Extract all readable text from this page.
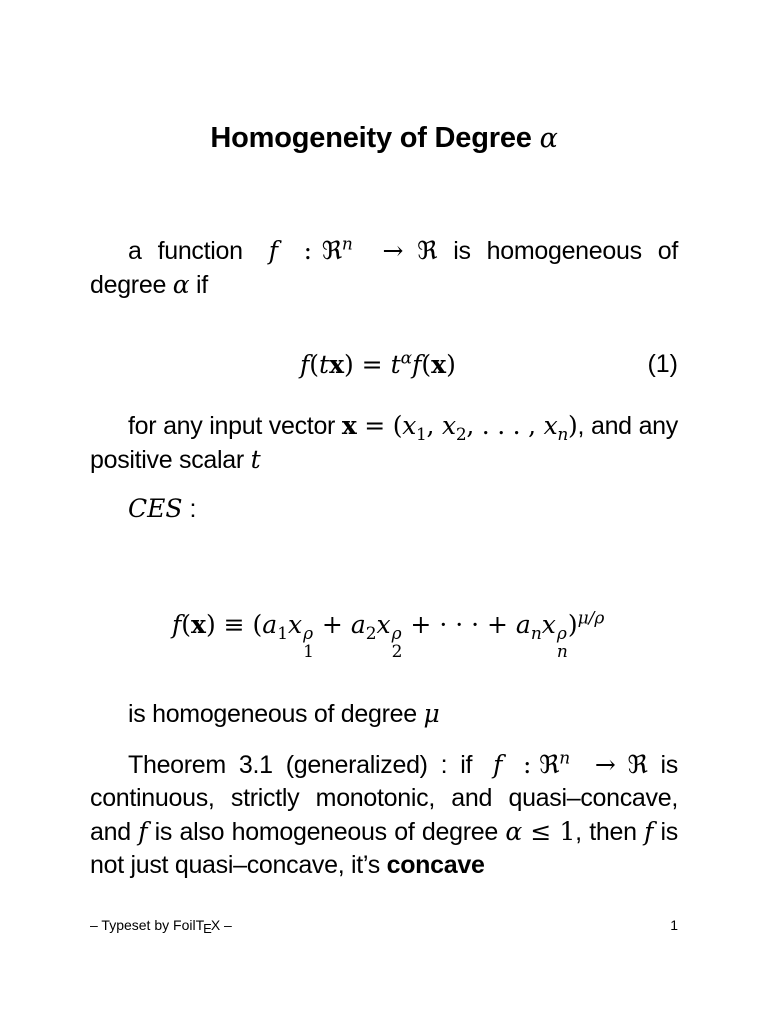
Homogeneity of Degree α
a function f : ℜ$^n$ → ℜ is homogeneous of degree α if
$f(tx) = t^\alpha f(x)$	(1)
for any input vector $x = (x_1$, $x_2$, . . . , $x_n$), and any positive scalar t
CES :
$f(x) \equiv (a_1x$ ρ
1
+ $a_2x$ ρ
2
+ · · · + $a_nx$ ρ
n
)$^{\mu/\rho}$
is homogeneous of degree μ
Theorem 3.1 (generalized) : if f : ℜ$^n$ → ℜ is continuous, strictly monotonic, and quasi–concave, and f is also homogeneous of degree α ≤ 1, then f is not just quasi–concave, it’s concave
– Typeset by FoilTEX –	1
